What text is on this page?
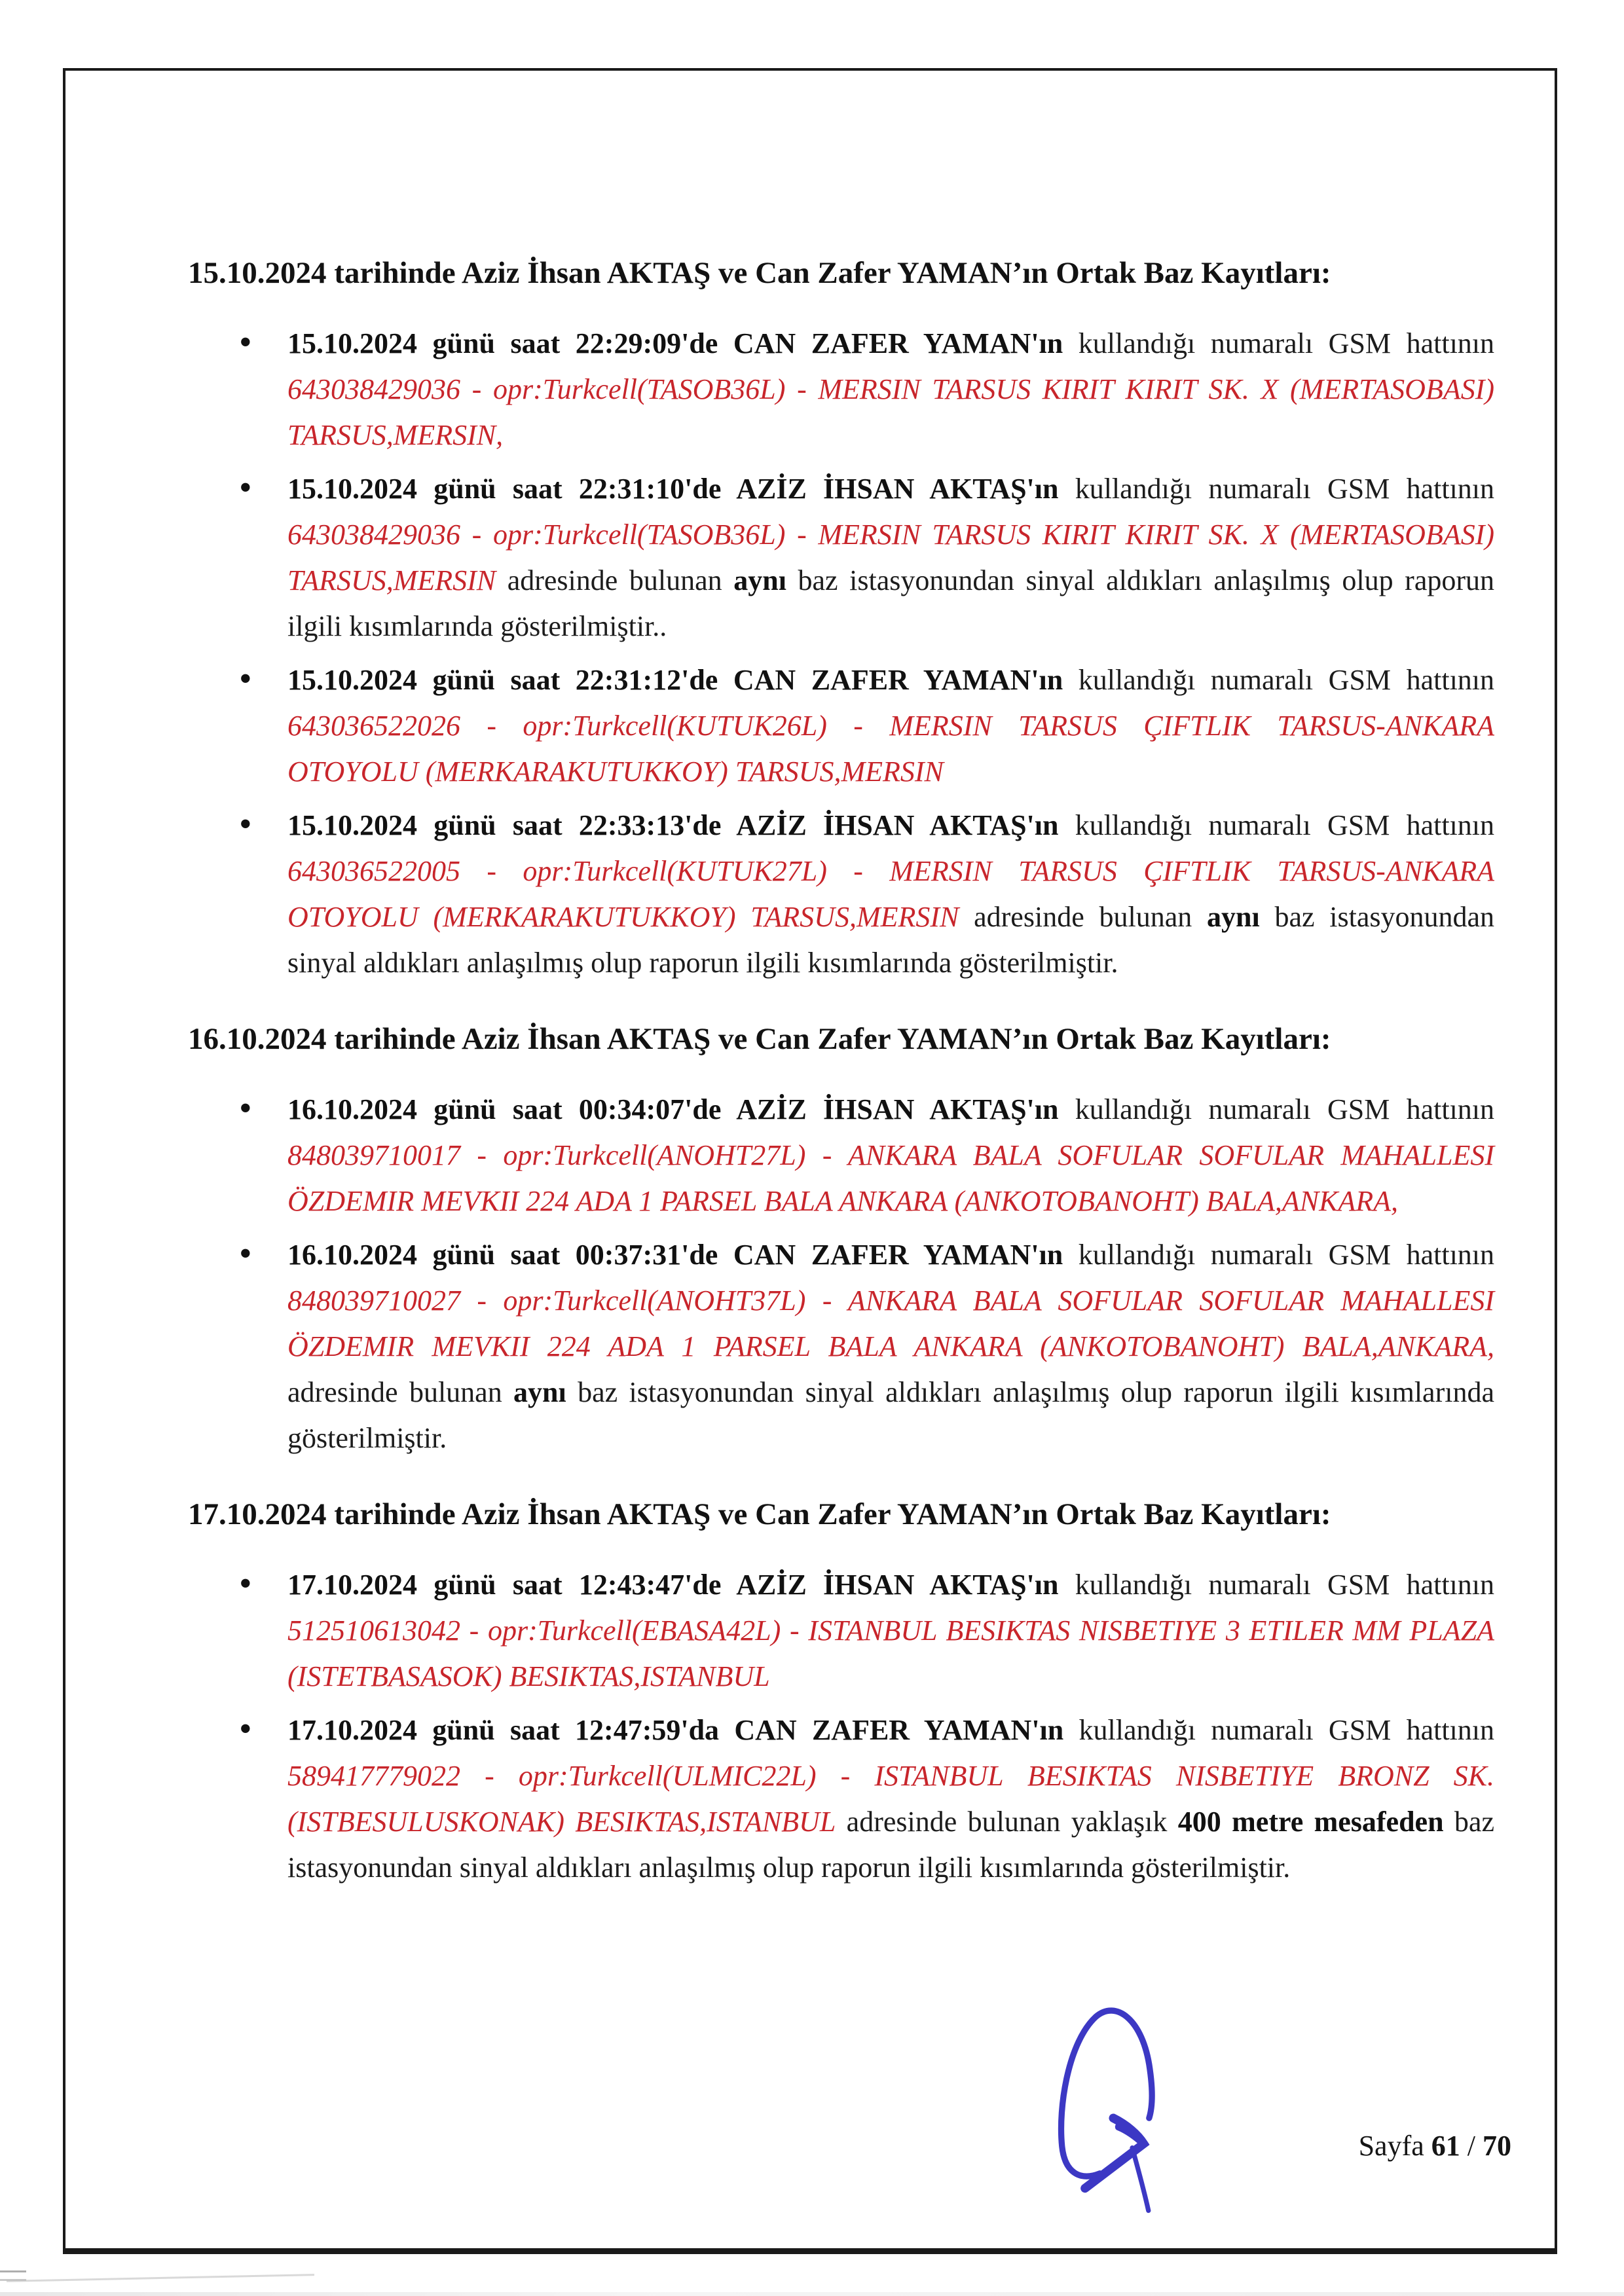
15.10.2024 tarihinde Aziz İhsan AKTAŞ ve Can Zafer YAMAN’ın Ortak Baz Kayıtları:
• 15.10.2024 günü saat 22:29:09'de CAN ZAFER YAMAN'ın kullandığı numaralı GSM hattının 643038429036 - opr:Turkcell(TASOB36L) - MERSIN TARSUS KIRIT KIRIT SK. X (MERTASOBASI) TARSUS,MERSIN,
• 15.10.2024 günü saat 22:31:10'de AZİZ İHSAN AKTAŞ'ın kullandığı numaralı GSM hattının 643038429036 - opr:Turkcell(TASOB36L) - MERSIN TARSUS KIRIT KIRIT SK. X (MERTASOBASI) TARSUS,MERSIN adresinde bulunan aynı baz istasyonundan sinyal aldıkları anlaşılmış olup raporun ilgili kısımlarında gösterilmiştir..
• 15.10.2024 günü saat 22:31:12'de CAN ZAFER YAMAN'ın kullandığı numaralı GSM hattının 643036522026 - opr:Turkcell(KUTUK26L) - MERSIN TARSUS ÇIFTLIK TARSUS-ANKARA OTOYOLU (MERKARAKUTUKKOY) TARSUS,MERSIN
• 15.10.2024 günü saat 22:33:13'de AZİZ İHSAN AKTAŞ'ın kullandığı numaralı GSM hattının 643036522005 - opr:Turkcell(KUTUK27L) - MERSIN TARSUS ÇIFTLIK TARSUS-ANKARA OTOYOLU (MERKARAKUTUKKOY) TARSUS,MERSIN adresinde bulunan aynı baz istasyonundan sinyal aldıkları anlaşılmış olup raporun ilgili kısımlarında gösterilmiştir.
16.10.2024 tarihinde Aziz İhsan AKTAŞ ve Can Zafer YAMAN’ın Ortak Baz Kayıtları:
• 16.10.2024 günü saat 00:34:07'de AZİZ İHSAN AKTAŞ'ın kullandığı numaralı GSM hattının 848039710017 - opr:Turkcell(ANOHT27L) - ANKARA BALA SOFULAR SOFULAR MAHALLESI ÖZDEMIR MEVKII 224 ADA 1 PARSEL BALA ANKARA (ANKOTOBANOHT) BALA,ANKARA,
• 16.10.2024 günü saat 00:37:31'de CAN ZAFER YAMAN'ın kullandığı numaralı GSM hattının 848039710027 - opr:Turkcell(ANOHT37L) - ANKARA BALA SOFULAR SOFULAR MAHALLESI ÖZDEMIR MEVKII 224 ADA 1 PARSEL BALA ANKARA (ANKOTOBANOHT) BALA,ANKARA, adresinde bulunan aynı baz istasyonundan sinyal aldıkları anlaşılmış olup raporun ilgili kısımlarında gösterilmiştir.
17.10.2024 tarihinde Aziz İhsan AKTAŞ ve Can Zafer YAMAN’ın Ortak Baz Kayıtları:
• 17.10.2024 günü saat 12:43:47'de AZİZ İHSAN AKTAŞ'ın kullandığı numaralı GSM hattının 512510613042 - opr:Turkcell(EBASA42L) - ISTANBUL BESIKTAS NISBETIYE 3 ETILER MM PLAZA (ISTETBASASOK) BESIKTAS,ISTANBUL
• 17.10.2024 günü saat 12:47:59'da CAN ZAFER YAMAN'ın kullandığı numaralı GSM hattının 589417779022 - opr:Turkcell(ULMIC22L) - ISTANBUL BESIKTAS NISBETIYE BRONZ SK. (ISTBESULUSKONAK) BESIKTAS,ISTANBUL adresinde bulunan yaklaşık 400 metre mesafeden baz istasyonundan sinyal aldıkları anlaşılmış olup raporun ilgili kısımlarında gösterilmiştir.
Sayfa 61 / 70
